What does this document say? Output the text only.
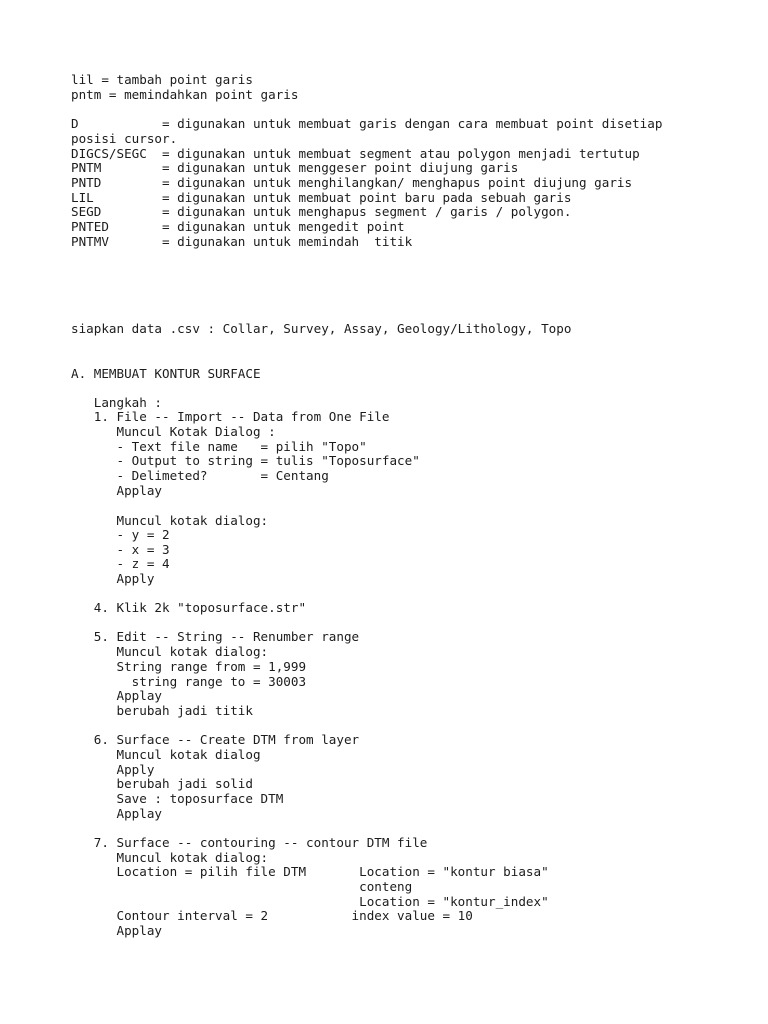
lil = tambah point garis

pntm = memindahkan point garis

D           = digunakan untuk membuat garis dengan cara membuat point disetiap

posisi cursor.

DIGCS/SEGC  = digunakan untuk membuat segment atau polygon menjadi tertutup

PNTM        = digunakan untuk menggeser point diujung garis

PNTD        = digunakan untuk menghilangkan/ menghapus point diujung garis

LIL         = digunakan untuk membuat point baru pada sebuah garis

SEGD        = digunakan untuk menghapus segment / garis / polygon.

PNTED       = digunakan untuk mengedit point

PNTMV       = digunakan untuk memindah  titik

siapkan data .csv : Collar, Survey, Assay, Geology/Lithology, Topo

A. MEMBUAT KONTUR SURFACE

Langkah :

1. File -- Import -- Data from One File

Muncul Kotak Dialog :

- Text file name   = pilih "Topo"

- Output to string = tulis "Toposurface"

- Delimeted?       = Centang

Applay

Muncul kotak dialog:

- y = 2

- x = 3

- z = 4

Apply

4. Klik 2k "toposurface.str"

5. Edit -- String -- Renumber range

Muncul kotak dialog:

String range from = 1,999

string range to = 30003

Applay

berubah jadi titik

6. Surface -- Create DTM from layer

Muncul kotak dialog

Apply

berubah jadi solid

Save : toposurface DTM

Applay

7. Surface -- contouring -- contour DTM file

Muncul kotak dialog:

Location = pilih file DTM       Location = "kontur biasa"

conteng

Location = "kontur_index"

Contour interval = 2           index value = 10

Applay
